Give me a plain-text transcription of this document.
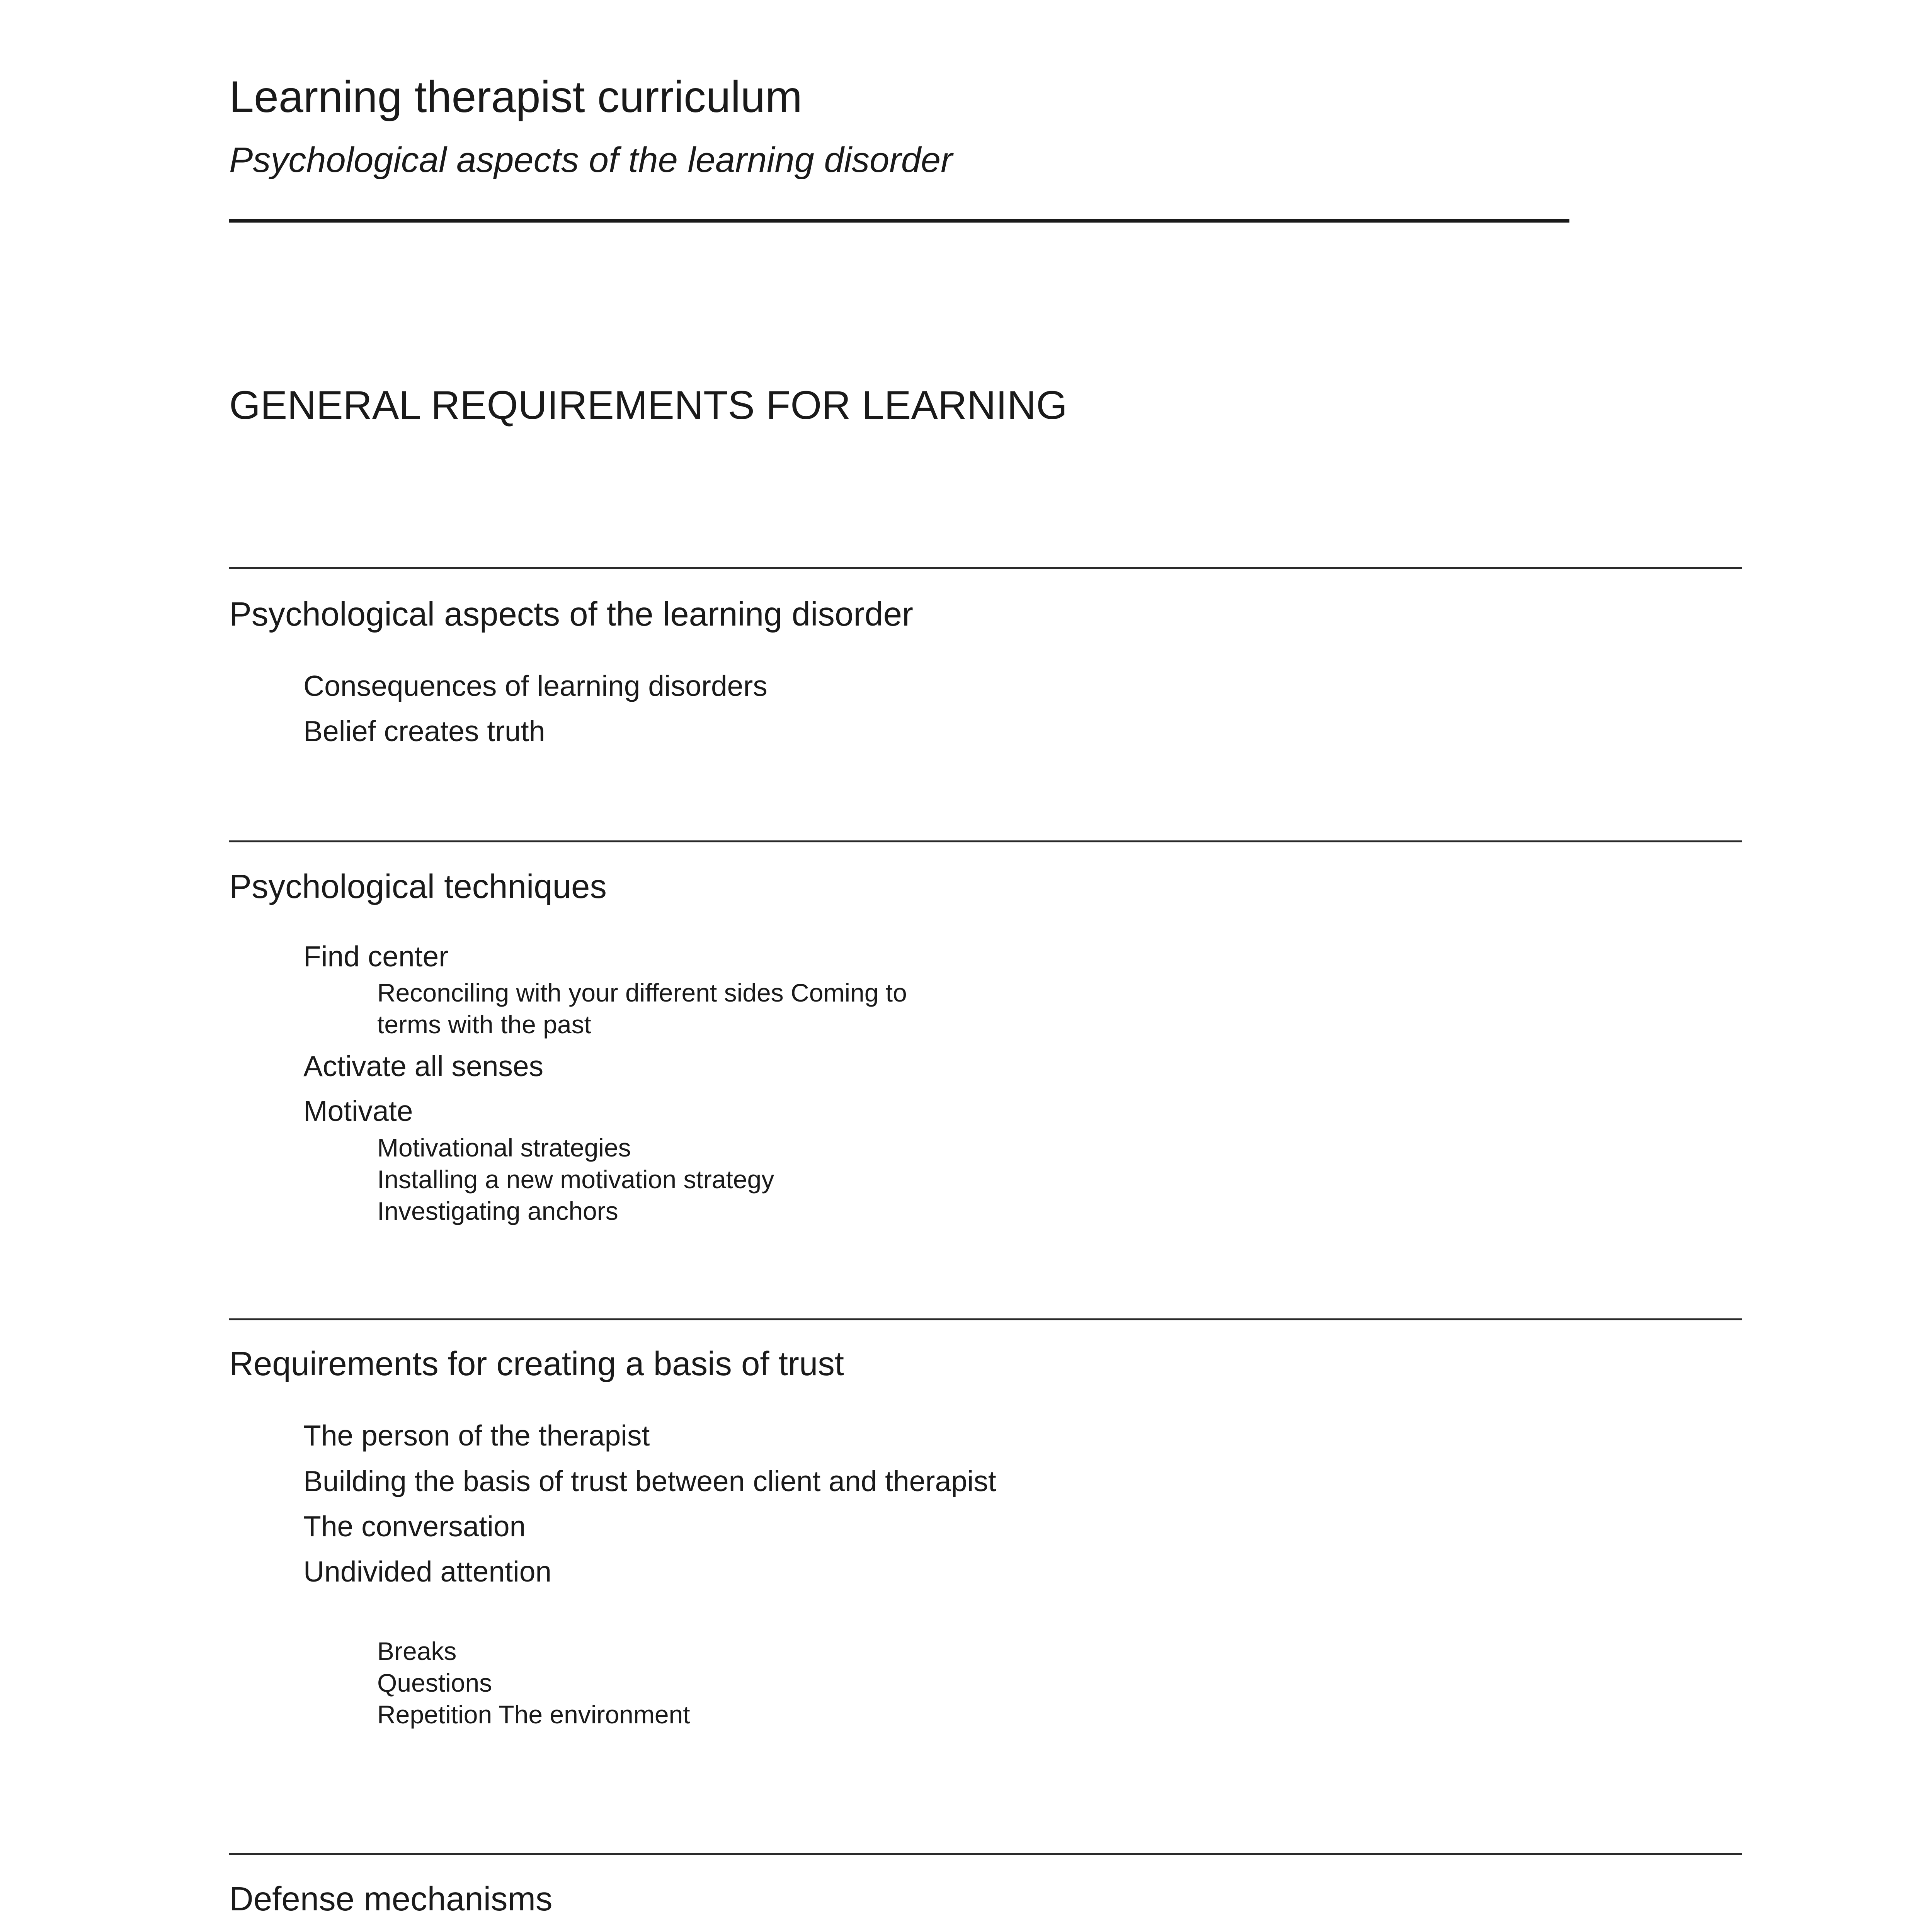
Learning therapist curriculum
Psychological aspects of the learning disorder
GENERAL REQUIREMENTS FOR LEARNING
Psychological aspects of the learning disorder
Consequences of learning disorders
Belief creates truth
Psychological techniques
Find center
Reconciling with your different sides Coming to
terms with the past
Activate all senses
Motivate
Motivational strategies
Installing a new motivation strategy
Investigating anchors
Requirements for creating a basis of trust
The person of the therapist
Building the basis of trust between client and therapist
The conversation
Undivided attention
Breaks
Questions
Repetition The environment
Defense mechanisms
